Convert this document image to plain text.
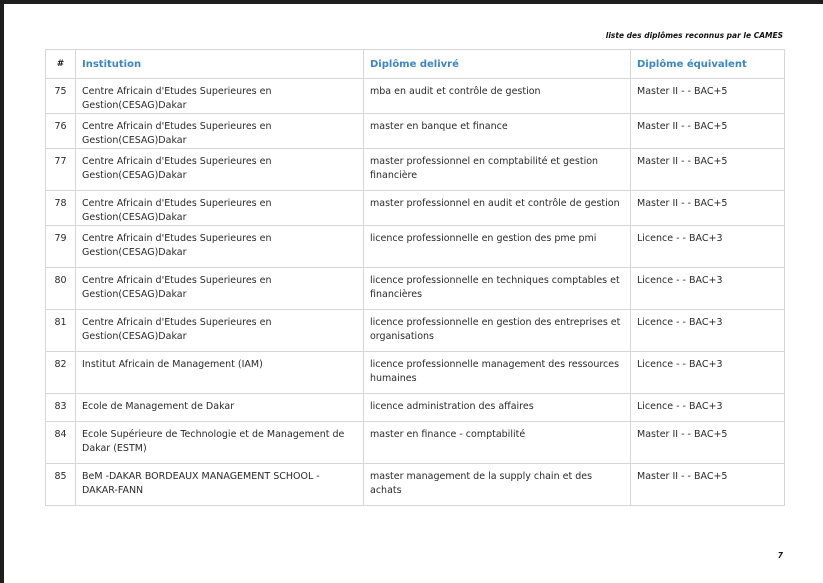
liste des diplômes reconnus par le CAMES
#	Institution	Diplôme delivré	Diplôme équivalent
75	Centre Africain d'Etudes Superieures en Gestion(CESAG)Dakar	mba en audit et contrôle de gestion	Master II - - BAC+5
76	Centre Africain d'Etudes Superieures en Gestion(CESAG)Dakar	master en banque et finance	Master II - - BAC+5
77	Centre Africain d'Etudes Superieures en Gestion(CESAG)Dakar	master professionnel en comptabilité et gestion financière	Master II - - BAC+5
78	Centre Africain d'Etudes Superieures en Gestion(CESAG)Dakar	master professionnel en audit et contrôle de gestion	Master II - - BAC+5
79	Centre Africain d'Etudes Superieures en Gestion(CESAG)Dakar	licence professionnelle en gestion des pme pmi	Licence - - BAC+3
80	Centre Africain d'Etudes Superieures en Gestion(CESAG)Dakar	licence professionnelle en techniques comptables et financières	Licence - - BAC+3
81	Centre Africain d'Etudes Superieures en Gestion(CESAG)Dakar	licence professionnelle en gestion des entreprises et organisations	Licence - - BAC+3
82	Institut Africain de Management (IAM)	licence professionnelle management des ressources humaines	Licence - - BAC+3
83	Ecole de Management de Dakar	licence administration des affaires	Licence - - BAC+3
84	Ecole Supérieure de Technologie et de Management de Dakar (ESTM)	master en finance - comptabilité	Master II - - BAC+5
85	BeM -DAKAR BORDEAUX MANAGEMENT SCHOOL - DAKAR-FANN	master management de la supply chain et des achats	Master II - - BAC+5
7
